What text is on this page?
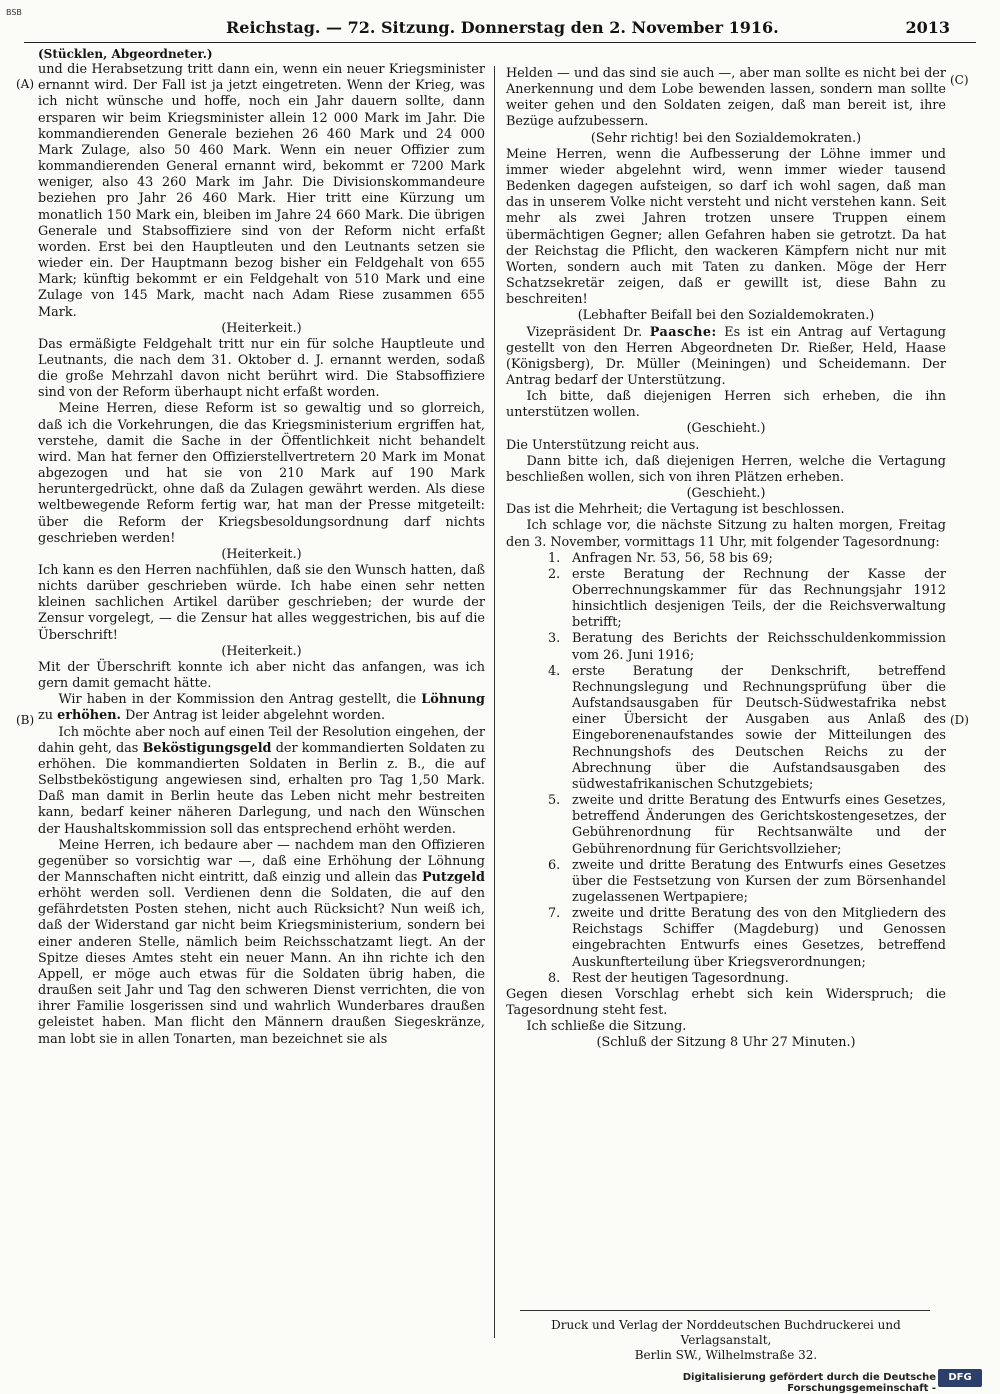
BSB
Reichstag. — 72. Sitzung. Donnerstag den 2. November 1916.	2013
(A)
(B)
(C)
(D)

(Stücklen, Abgeordneter.)

und die Herabsetzung tritt dann ein, wenn ein neuer Kriegsminister ernannt wird. Der Fall ist ja jetzt eingetreten. Wenn der Krieg, was ich nicht wünsche und hoffe, noch ein Jahr dauern sollte, dann ersparen wir beim Kriegsminister allein 12 000 Mark im Jahr. Die kommandierenden Generale beziehen 26 460 Mark und 24 000 Mark Zulage, also 50 460 Mark. Wenn ein neuer Offizier zum kommandierenden General ernannt wird, bekommt er 7200 Mark weniger, also 43 260 Mark im Jahr. Die Divisionskommandeure beziehen pro Jahr 26 460 Mark. Hier tritt eine Kürzung um monatlich 150 Mark ein, bleiben im Jahre 24 660 Mark. Die übrigen Generale und Stabsoffiziere sind von der Reform nicht erfaßt worden. Erst bei den Hauptleuten und den Leutnants setzen sie wieder ein. Der Hauptmann bezog bisher ein Feldgehalt von 655 Mark; künftig bekommt er ein Feldgehalt von 510 Mark und eine Zulage von 145 Mark, macht nach Adam Riese zusammen 655 Mark.

(Heiterkeit.)

Das ermäßigte Feldgehalt tritt nur ein für solche Hauptleute und Leutnants, die nach dem 31. Oktober d. J. ernannt werden, sodaß die große Mehrzahl davon nicht berührt wird. Die Stabsoffiziere sind von der Reform überhaupt nicht erfaßt worden.

Meine Herren, diese Reform ist so gewaltig und so glorreich, daß ich die Vorkehrungen, die das Kriegsministerium ergriffen hat, verstehe, damit die Sache in der Öffentlichkeit nicht behandelt wird. Man hat ferner den Offizierstellvertretern 20 Mark im Monat abgezogen und hat sie von 210 Mark auf 190 Mark heruntergedrückt, ohne daß da Zulagen gewährt werden. Als diese weltbewegende Reform fertig war, hat man der Presse mitgeteilt: über die Reform der Kriegsbesoldungsordnung darf nichts geschrieben werden!

(Heiterkeit.)

Ich kann es den Herren nachfühlen, daß sie den Wunsch hatten, daß nichts darüber geschrieben würde. Ich habe einen sehr netten kleinen sachlichen Artikel darüber geschrieben; der wurde der Zensur vorgelegt, — die Zensur hat alles weggestrichen, bis auf die Überschrift!

(Heiterkeit.)

Mit der Überschrift konnte ich aber nicht das anfangen, was ich gern damit gemacht hätte.

Wir haben in der Kommission den Antrag gestellt, die Löhnung zu erhöhen. Der Antrag ist leider abgelehnt worden.

Ich möchte aber noch auf einen Teil der Resolution eingehen, der dahin geht, das Beköstigungsgeld der kommandierten Soldaten zu erhöhen. Die kommandierten Soldaten in Berlin z. B., die auf Selbstbeköstigung angewiesen sind, erhalten pro Tag 1,50 Mark. Daß man damit in Berlin heute das Leben nicht mehr bestreiten kann, bedarf keiner näheren Darlegung, und nach den Wünschen der Haushaltskommission soll das entsprechend erhöht werden.

Meine Herren, ich bedaure aber — nachdem man den Offizieren gegenüber so vorsichtig war —, daß eine Erhöhung der Löhnung der Mannschaften nicht eintritt, daß einzig und allein das Putzgeld erhöht werden soll. Verdienen denn die Soldaten, die auf den gefährdetsten Posten stehen, nicht auch Rücksicht? Nun weiß ich, daß der Widerstand gar nicht beim Kriegsministerium, sondern bei einer anderen Stelle, nämlich beim Reichsschatzamt liegt. An der Spitze dieses Amtes steht ein neuer Mann. An ihn richte ich den Appell, er möge auch etwas für die Soldaten übrig haben, die draußen seit Jahr und Tag den schweren Dienst verrichten, die von ihrer Familie losgerissen sind und wahrlich Wunderbares draußen geleistet haben. Man flicht den Männern draußen Siegeskränze, man lobt sie in allen Tonarten, man bezeichnet sie als

Helden — und das sind sie auch —, aber man sollte es nicht bei der Anerkennung und dem Lobe bewenden lassen, sondern man sollte weiter gehen und den Soldaten zeigen, daß man bereit ist, ihre Bezüge aufzubessern.

(Sehr richtig! bei den Sozialdemokraten.)

Meine Herren, wenn die Aufbesserung der Löhne immer und immer wieder abgelehnt wird, wenn immer wieder tausend Bedenken dagegen aufsteigen, so darf ich wohl sagen, daß man das in unserem Volke nicht versteht und nicht verstehen kann. Seit mehr als zwei Jahren trotzen unsere Truppen einem übermächtigen Gegner; allen Gefahren haben sie getrotzt. Da hat der Reichstag die Pflicht, den wackeren Kämpfern nicht nur mit Worten, sondern auch mit Taten zu danken. Möge der Herr Schatzsekretär zeigen, daß er gewillt ist, diese Bahn zu beschreiten!

(Lebhafter Beifall bei den Sozialdemokraten.)

Vizepräsident Dr. Paasche: Es ist ein Antrag auf Vertagung gestellt von den Herren Abgeordneten Dr. Rießer, Held, Haase (Königsberg), Dr. Müller (Meiningen) und Scheidemann. Der Antrag bedarf der Unterstützung.

Ich bitte, daß diejenigen Herren sich erheben, die ihn unterstützen wollen.

(Geschieht.)

Die Unterstützung reicht aus.

Dann bitte ich, daß diejenigen Herren, welche die Vertagung beschließen wollen, sich von ihren Plätzen erheben.

(Geschieht.)

Das ist die Mehrheit; die Vertagung ist beschlossen.

Ich schlage vor, die nächste Sitzung zu halten morgen, Freitag den 3. November, vormittags 11 Uhr, mit folgender Tagesordnung:

1. Anfragen Nr. 53, 56, 58 bis 69;
2. erste Beratung der Rechnung der Kasse der Oberrechnungskammer für das Rechnungsjahr 1912 hinsichtlich desjenigen Teils, der die Reichsverwaltung betrifft;
3. Beratung des Berichts der Reichsschuldenkommission vom 26. Juni 1916;
4. erste Beratung der Denkschrift, betreffend Rechnungslegung und Rechnungsprüfung über die Aufstandsausgaben für Deutsch-Südwestafrika nebst einer Übersicht der Ausgaben aus Anlaß des Eingeborenenaufstandes sowie der Mitteilungen des Rechnungshofs des Deutschen Reichs zu der Abrechnung über die Aufstandsausgaben des südwestafrikanischen Schutzgebiets;
5. zweite und dritte Beratung des Entwurfs eines Gesetzes, betreffend Änderungen des Gerichtskostengesetzes, der Gebührenordnung für Rechtsanwälte und der Gebührenordnung für Gerichtsvollzieher;
6. zweite und dritte Beratung des Entwurfs eines Gesetzes über die Festsetzung von Kursen der zum Börsenhandel zugelassenen Wertpapiere;
7. zweite und dritte Beratung des von den Mitgliedern des Reichstags Schiffer (Magdeburg) und Genossen eingebrachten Entwurfs eines Gesetzes, betreffend Auskunfterteilung über Kriegsverordnungen;
8. Rest der heutigen Tagesordnung.

Gegen diesen Vorschlag erhebt sich kein Widerspruch; die Tagesordnung steht fest.

Ich schließe die Sitzung.

(Schluß der Sitzung 8 Uhr 27 Minuten.)

Druck und Verlag der Norddeutschen Buchdruckerei und Verlagsanstalt,
Berlin SW., Wilhelmstraße 32.
Digitalisierung gefördert durch die Deutsche Forschungsgemeinschaft -
DFG
